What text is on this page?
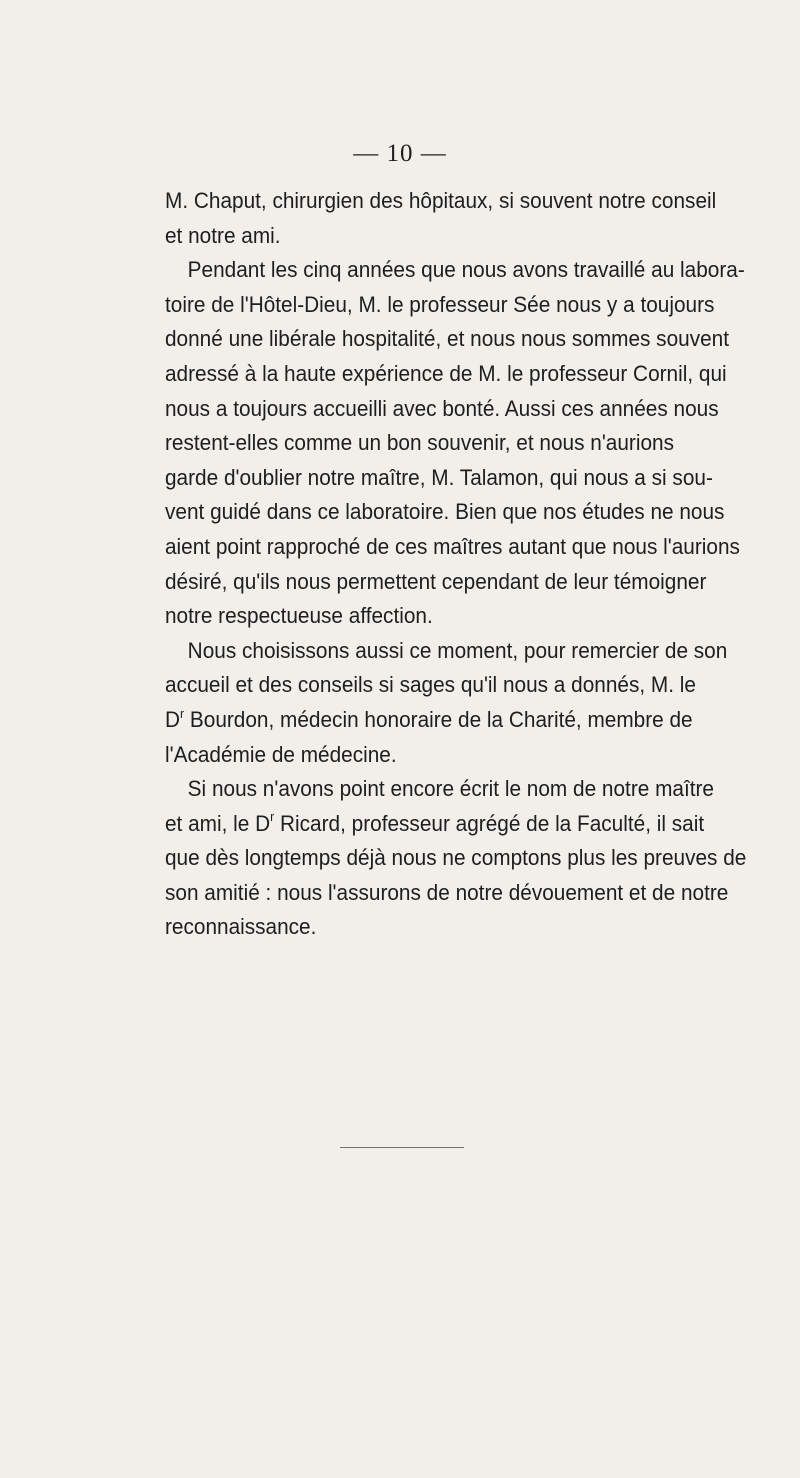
— 10 —
M. Chaput, chirurgien des hôpitaux, si souvent notre conseil
et notre ami.
Pendant les cinq années que nous avons travaillé au labora-
toire de l'Hôtel-Dieu, M. le professeur Sée nous y a toujours
donné une libérale hospitalité, et nous nous sommes souvent
adressé à la haute expérience de M. le professeur Cornil, qui
nous a toujours accueilli avec bonté. Aussi ces années nous
restent-elles comme un bon souvenir, et nous n'aurions
garde d'oublier notre maître, M. Talamon, qui nous a si sou-
vent guidé dans ce laboratoire. Bien que nos études ne nous
aient point rapproché de ces maîtres autant que nous l'aurions
désiré, qu'ils nous permettent cependant de leur témoigner
notre respectueuse affection.
Nous choisissons aussi ce moment, pour remercier de son
accueil et des conseils si sages qu'il nous a donnés, M. le
$D^r$ Bourdon, médecin honoraire de la Charité, membre de
l'Académie de médecine.
Si nous n'avons point encore écrit le nom de notre maître
et ami, le $D^r$ Ricard, professeur agrégé de la Faculté, il sait
que dès longtemps déjà nous ne comptons plus les preuves de
son amitié : nous l'assurons de notre dévouement et de notre
reconnaissance.
